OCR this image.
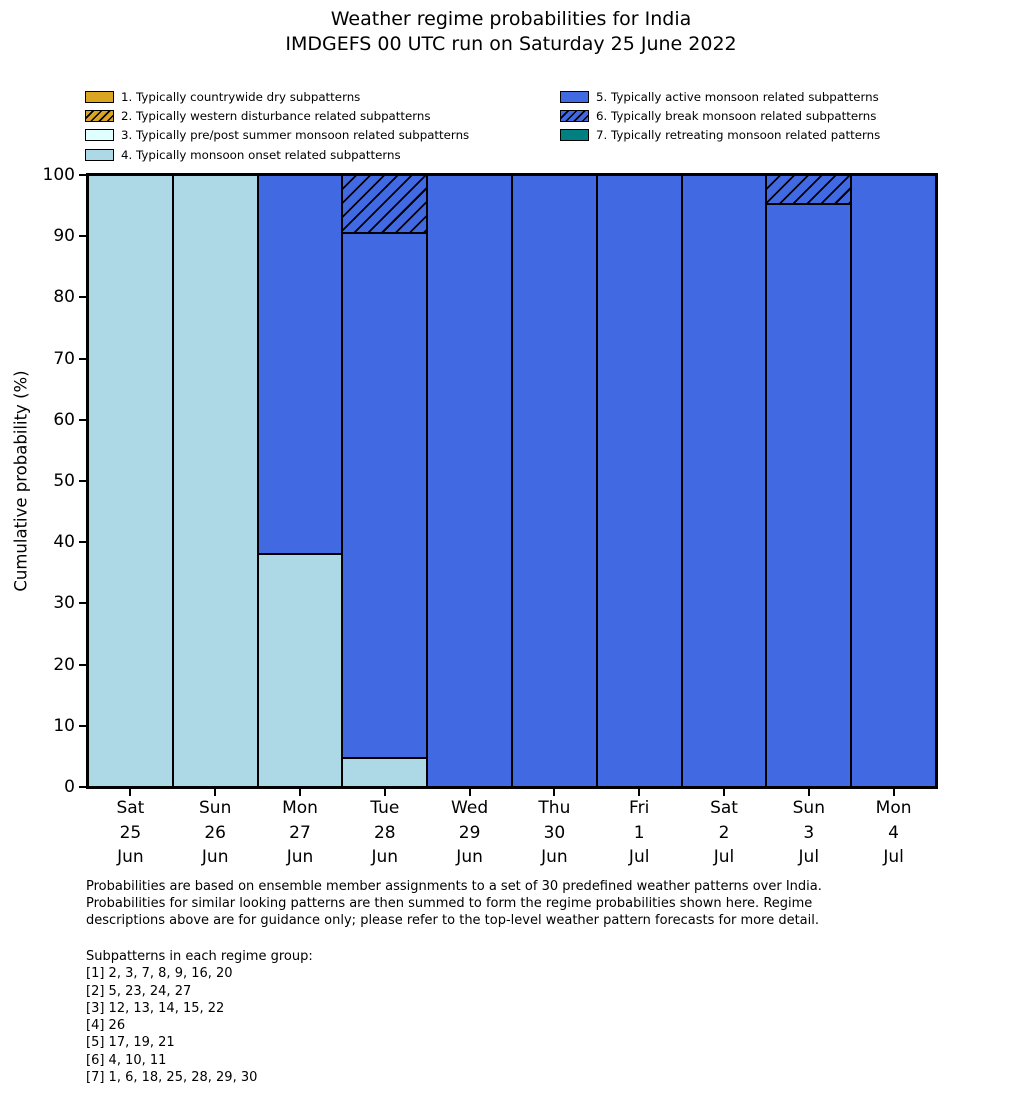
Weather regime probabilities for India
IMDGEFS 00 UTC run on Saturday 25 June 2022
1. Typically countrywide dry subpatterns
2. Typically western disturbance related subpatterns
3. Typically pre/post summer monsoon related subpatterns
4. Typically monsoon onset related subpatterns
5. Typically active monsoon related subpatterns
6. Typically break monsoon related subpatterns
7. Typically retreating monsoon related patterns
Cumulative probability (%)
0
10
20
30
40
50
60
70
80
90
100
Sat
25
Jun
Sun
26
Jun
Mon
27
Jun
Tue
28
Jun
Wed
29
Jun
Thu
30
Jun
Fri
1
Jul
Sat
2
Jul
Sun
3
Jul
Mon
4
Jul
Probabilities are based on ensemble member assignments to a set of 30 predefined weather patterns over India.
Probabilities for similar looking patterns are then summed to form the regime probabilities shown here. Regime
descriptions above are for guidance only; please refer to the top-level weather pattern forecasts for more detail.
Subpatterns in each regime group:
[1] 2, 3, 7, 8, 9, 16, 20
[2] 5, 23, 24, 27
[3] 12, 13, 14, 15, 22
[4] 26
[5] 17, 19, 21
[6] 4, 10, 11
[7] 1, 6, 18, 25, 28, 29, 30
